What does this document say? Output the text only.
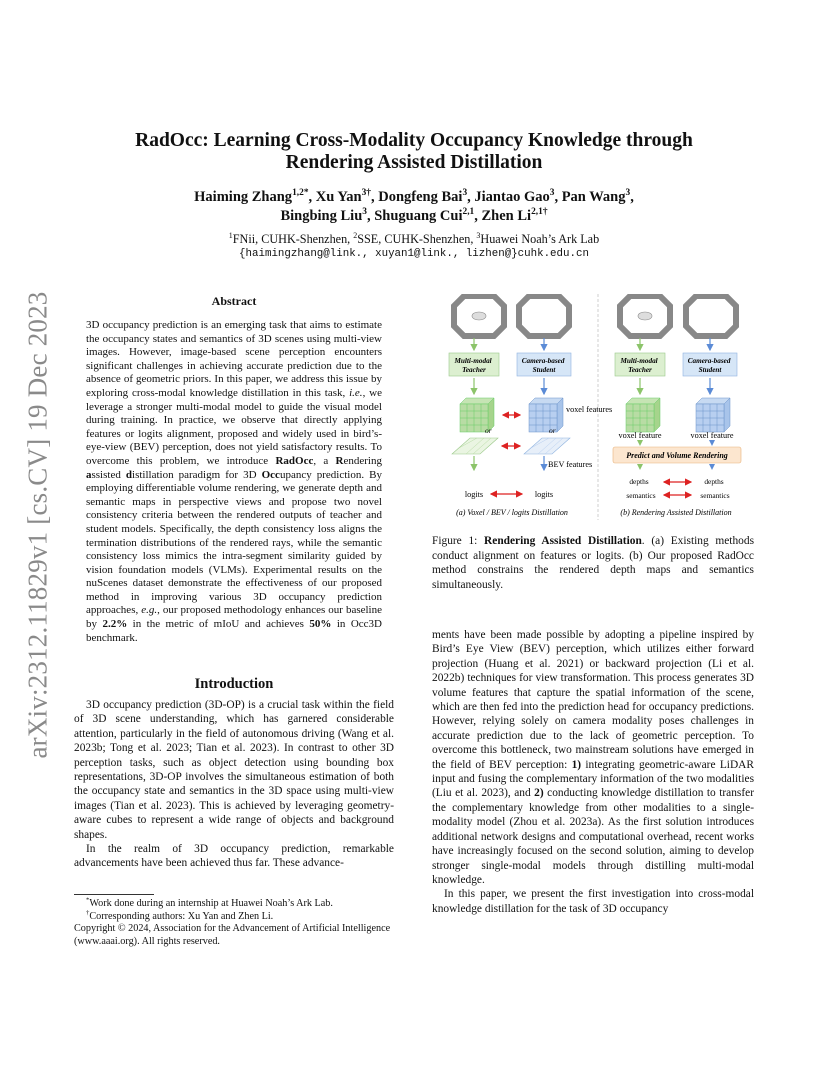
arXiv:2312.11829v1 [cs.CV] 19 Dec 2023
RadOcc: Learning Cross-Modality Occupancy Knowledge through
Rendering Assisted Distillation
Haiming Zhang$^{1,2*}$, Xu Yan$^{3\dagger}$, Dongfeng Bai$^3$, Jiantao Gao$^3$, Pan Wang$^3$,
Bingbing Liu$^3$, Shuguang Cui$^{2,1}$, Zhen $Li^{2,1\dagger}$
$^1$FNii, CUHK-Shenzhen, $^2$SSE, CUHK-Shenzhen, $^3$Huawei Noah’s Ark Lab
{haimingzhang@link., xuyan1@link., lizhen@}cuhk.edu.cn
Abstract
3D occupancy prediction is an emerging task that aims to estimate the occupancy states and semantics of 3D scenes using multi-view images. However, image-based scene perception encounters significant challenges in achieving accurate prediction due to the absence of geometric priors. In this paper, we address this issue by exploring cross-modal knowledge distillation in this task, i.e., we leverage a stronger multi-modal model to guide the visual model during training. In practice, we observe that directly applying features or logits alignment, proposed and widely used in bird’s-eye-view (BEV) perception, does not yield satisfactory results. To overcome this problem, we introduce RadOcc, a Rendering assisted distillation paradigm for 3D Occupancy prediction. By employing differentiable volume rendering, we generate depth and semantic maps in perspective views and propose two novel consistency criteria between the rendered outputs of teacher and student models. Specifically, the depth consistency loss aligns the termination distributions of the rendered rays, while the semantic consistency loss mimics the intra-segment similarity guided by vision foundation models (VLMs). Experimental results on the nuScenes dataset demonstrate the effectiveness of our proposed method in improving various 3D occupancy prediction approaches, e.g., our proposed methodology enhances our baseline by 2.2% in the metric of mIoU and achieves 50% in Occ3D benchmark.
Introduction

3D occupancy prediction (3D-OP) is a crucial task within the field of 3D scene understanding, which has garnered considerable attention, particularly in the field of autonomous driving (Wang et al. 2023b; Tong et al. 2023; Tian et al. 2023). In contrast to other 3D perception tasks, such as object detection using bounding box representations, 3D-OP involves the simultaneous estimation of both the occupancy state and semantics in the 3D space using multi-view images (Tian et al. 2023). This is achieved by leveraging geometry-aware cubes to represent a wide range of objects and background shapes.

In the realm of 3D occupancy prediction, remarkable advancements have been achieved thus far. These advance-

*Work done during an internship at Huawei Noah’s Ark Lab.
†Corresponding authors: Xu Yan and Zhen Li.
Copyright © 2024, Association for the Advancement of Artificial Intelligence (www.aaai.org). All rights reserved.
Multi-modal Teacher
Camera-based Student
Multi-modal Teacher
Camera-based Student
voxel features
or	or
BEV features
logits	logits
(a) Voxel / BEV / logits Distillation
voxel feature	voxel feature
Predict and Volume Rendering
depths	depths
semantics	semantics
(b) Rendering Assisted Distillation
Figure 1: Rendering Assisted Distillation. (a) Existing methods conduct alignment on features or logits. (b) Our proposed RadOcc method constrains the rendered depth maps and semantics simultaneously.

ments have been made possible by adopting a pipeline inspired by Bird’s Eye View (BEV) perception, which utilizes either forward projection (Huang et al. 2021) or backward projection (Li et al. 2022b) techniques for view transformation. This process generates 3D volume features that capture the spatial information of the scene, which are then fed into the prediction head for occupancy predictions. However, relying solely on camera modality poses challenges in accurate prediction due to the lack of geometric perception. To overcome this bottleneck, two mainstream solutions have emerged in the field of BEV perception: 1) integrating geometric-aware LiDAR input and fusing the complementary information of the two modalities (Liu et al. 2023), and 2) conducting knowledge distillation to transfer the complementary knowledge from other modalities to a single-modality model (Zhou et al. 2023a). As the first solution introduces additional network designs and computational overhead, recent works have increasingly focused on the second solution, aiming to develop stronger single-modal models through distilling multi-modal knowledge.

In this paper, we present the first investigation into cross-modal knowledge distillation for the task of 3D occupancy
